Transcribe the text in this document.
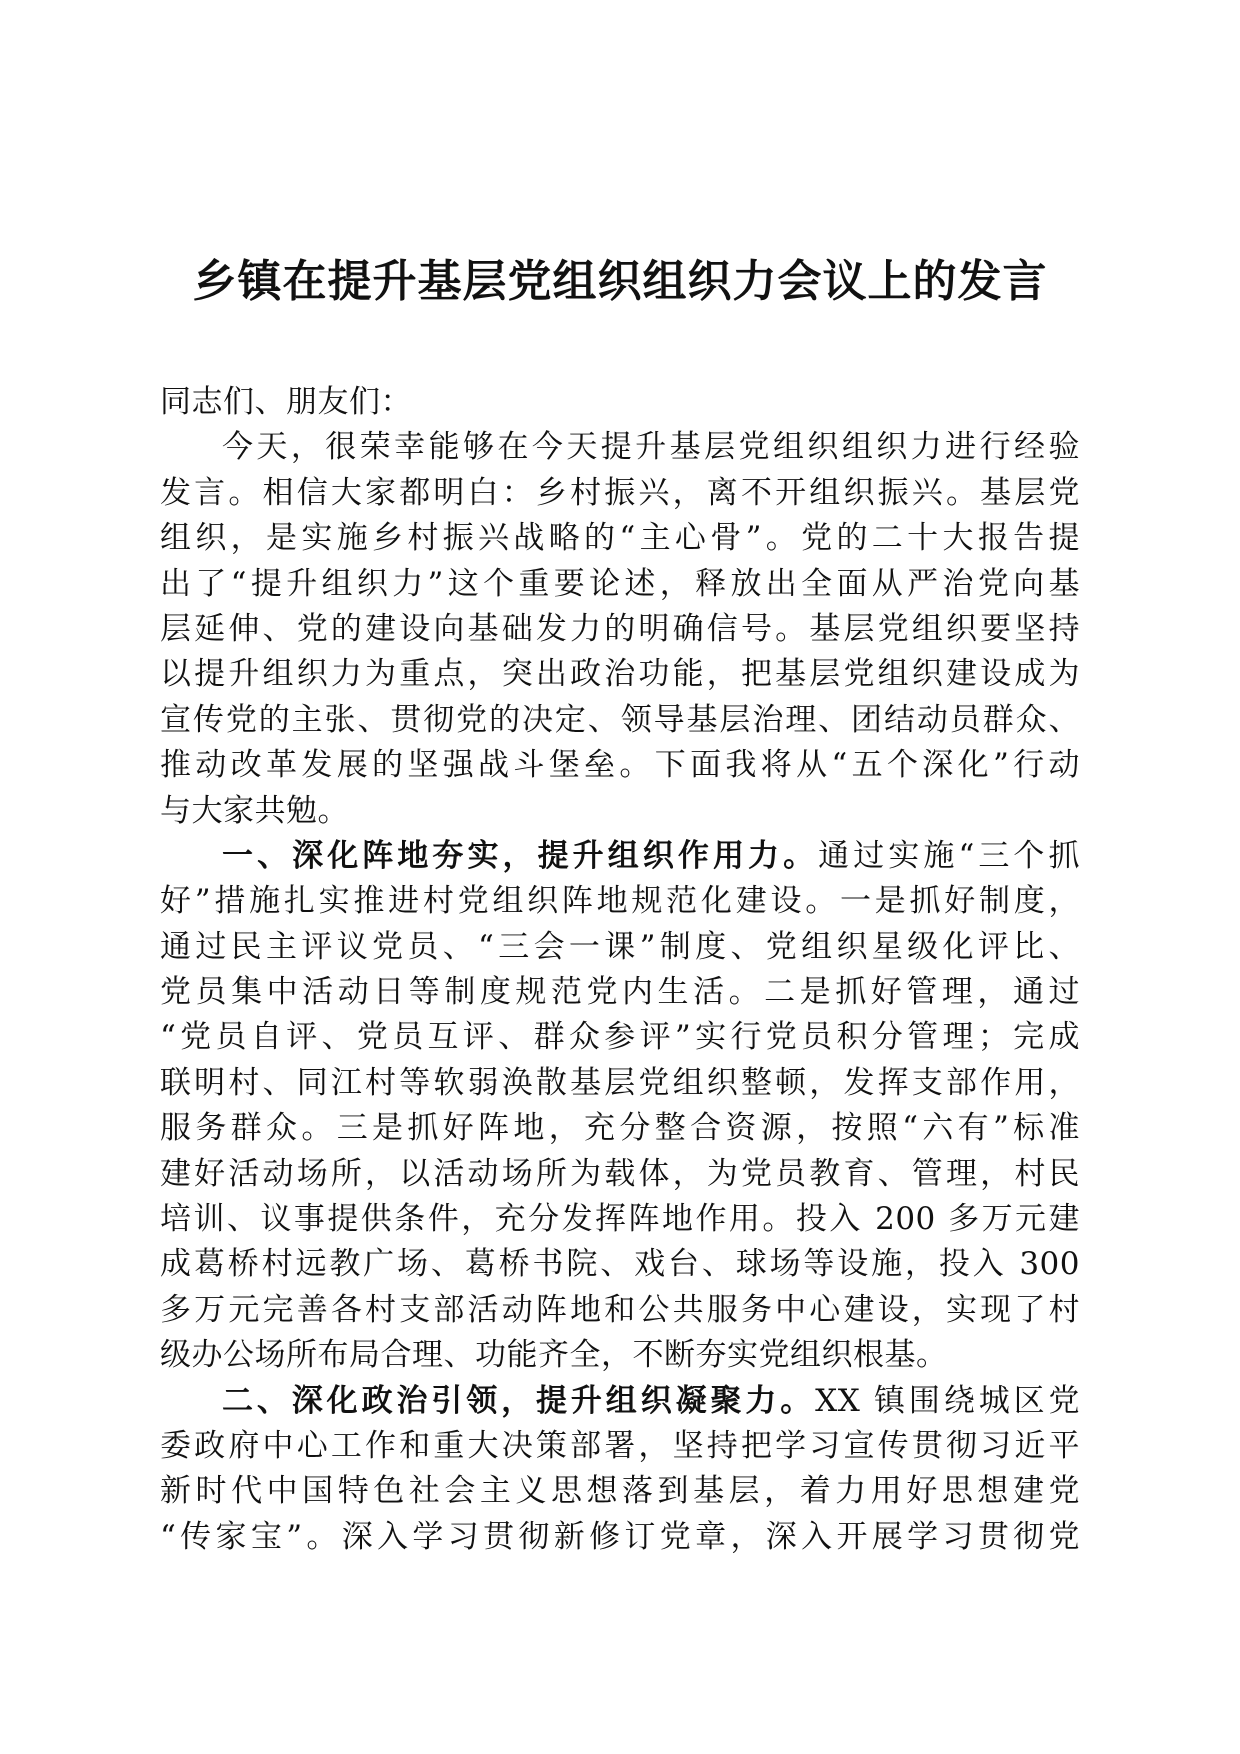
乡镇在提升基层党组织组织力会议上的发言
同志们、朋友们：
今天，很荣幸能够在今天提升基层党组织组织力进行经验
发言。相信大家都明白：乡村振兴，离不开组织振兴。基层党
组织，是实施乡村振兴战略的“主心骨”。党的二十大报告提
出了“提升组织力”这个重要论述，释放出全面从严治党向基
层延伸、党的建设向基础发力的明确信号。基层党组织要坚持
以提升组织力为重点，突出政治功能，把基层党组织建设成为
宣传党的主张、贯彻党的决定、领导基层治理、团结动员群众、
推动改革发展的坚强战斗堡垒。下面我将从“五个深化”行动
与大家共勉。
一、深化阵地夯实，提升组织作用力。通过实施“三个抓
好”措施扎实推进村党组织阵地规范化建设。一是抓好制度，
通过民主评议党员、“三会一课”制度、党组织星级化评比、
党员集中活动日等制度规范党内生活。二是抓好管理，通过
“党员自评、党员互评、群众参评”实行党员积分管理；完成
联明村、同江村等软弱涣散基层党组织整顿，发挥支部作用，
服务群众。三是抓好阵地，充分整合资源，按照“六有”标准
建好活动场所，以活动场所为载体，为党员教育、管理，村民
培训、议事提供条件，充分发挥阵地作用。投入 200 多万元建
成葛桥村远教广场、葛桥书院、戏台、球场等设施，投入 300
多万元完善各村支部活动阵地和公共服务中心建设，实现了村
级办公场所布局合理、功能齐全，不断夯实党组织根基。
二、深化政治引领，提升组织凝聚力。XX 镇围绕城区党
委政府中心工作和重大决策部署，坚持把学习宣传贯彻习近平
新时代中国特色社会主义思想落到基层，着力用好思想建党
“传家宝”。深入学习贯彻新修订党章，深入开展学习贯彻党
